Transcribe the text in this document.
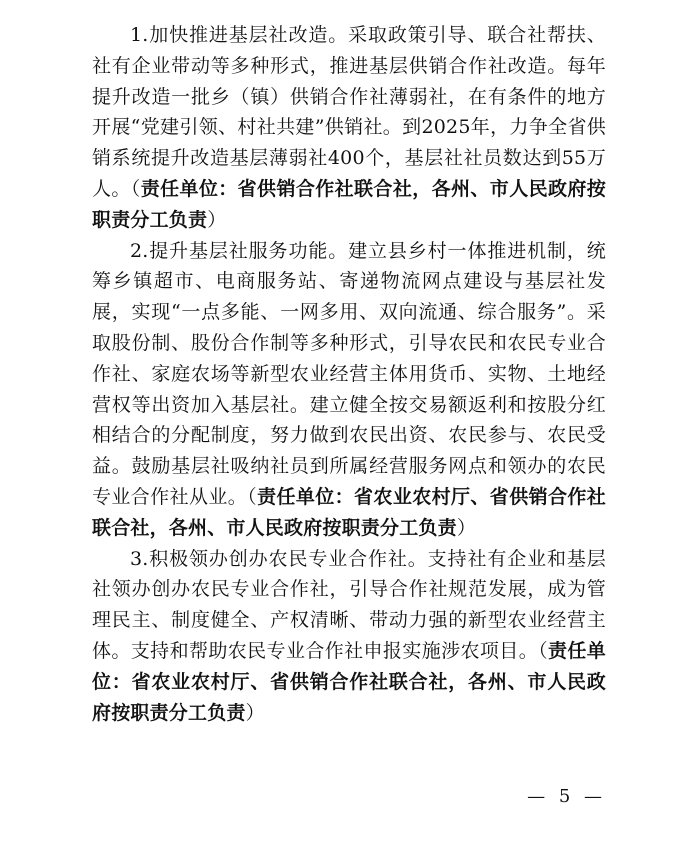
1.加快推进基层社改造。采取政策引导、联合社帮扶、社有企业带动等多种形式，推进基层供销合作社改造。每年提升改造一批乡（镇）供销合作社薄弱社，在有条件的地方开展“党建引领、村社共建”供销社。到2025年，力争全省供销系统提升改造基层薄弱社400个，基层社社员数达到55万人。（责任单位：省供销合作社联合社，各州、市人民政府按职责分工负责）

2.提升基层社服务功能。建立县乡村一体推进机制，统筹乡镇超市、电商服务站、寄递物流网点建设与基层社发展，实现“一点多能、一网多用、双向流通、综合服务”。采取股份制、股份合作制等多种形式，引导农民和农民专业合作社、家庭农场等新型农业经营主体用货币、实物、土地经营权等出资加入基层社。建立健全按交易额返利和按股分红相结合的分配制度，努力做到农民出资、农民参与、农民受益。鼓励基层社吸纳社员到所属经营服务网点和领办的农民专业合作社从业。（责任单位：省农业农村厅、省供销合作社联合社，各州、市人民政府按职责分工负责）

3.积极领办创办农民专业合作社。支持社有企业和基层社领办创办农民专业合作社，引导合作社规范发展，成为管理民主、制度健全、产权清晰、带动力强的新型农业经营主体。支持和帮助农民专业合作社申报实施涉农项目。（责任单位：省农业农村厅、省供销合作社联合社，各州、市人民政府按职责分工负责）

— 5 —
